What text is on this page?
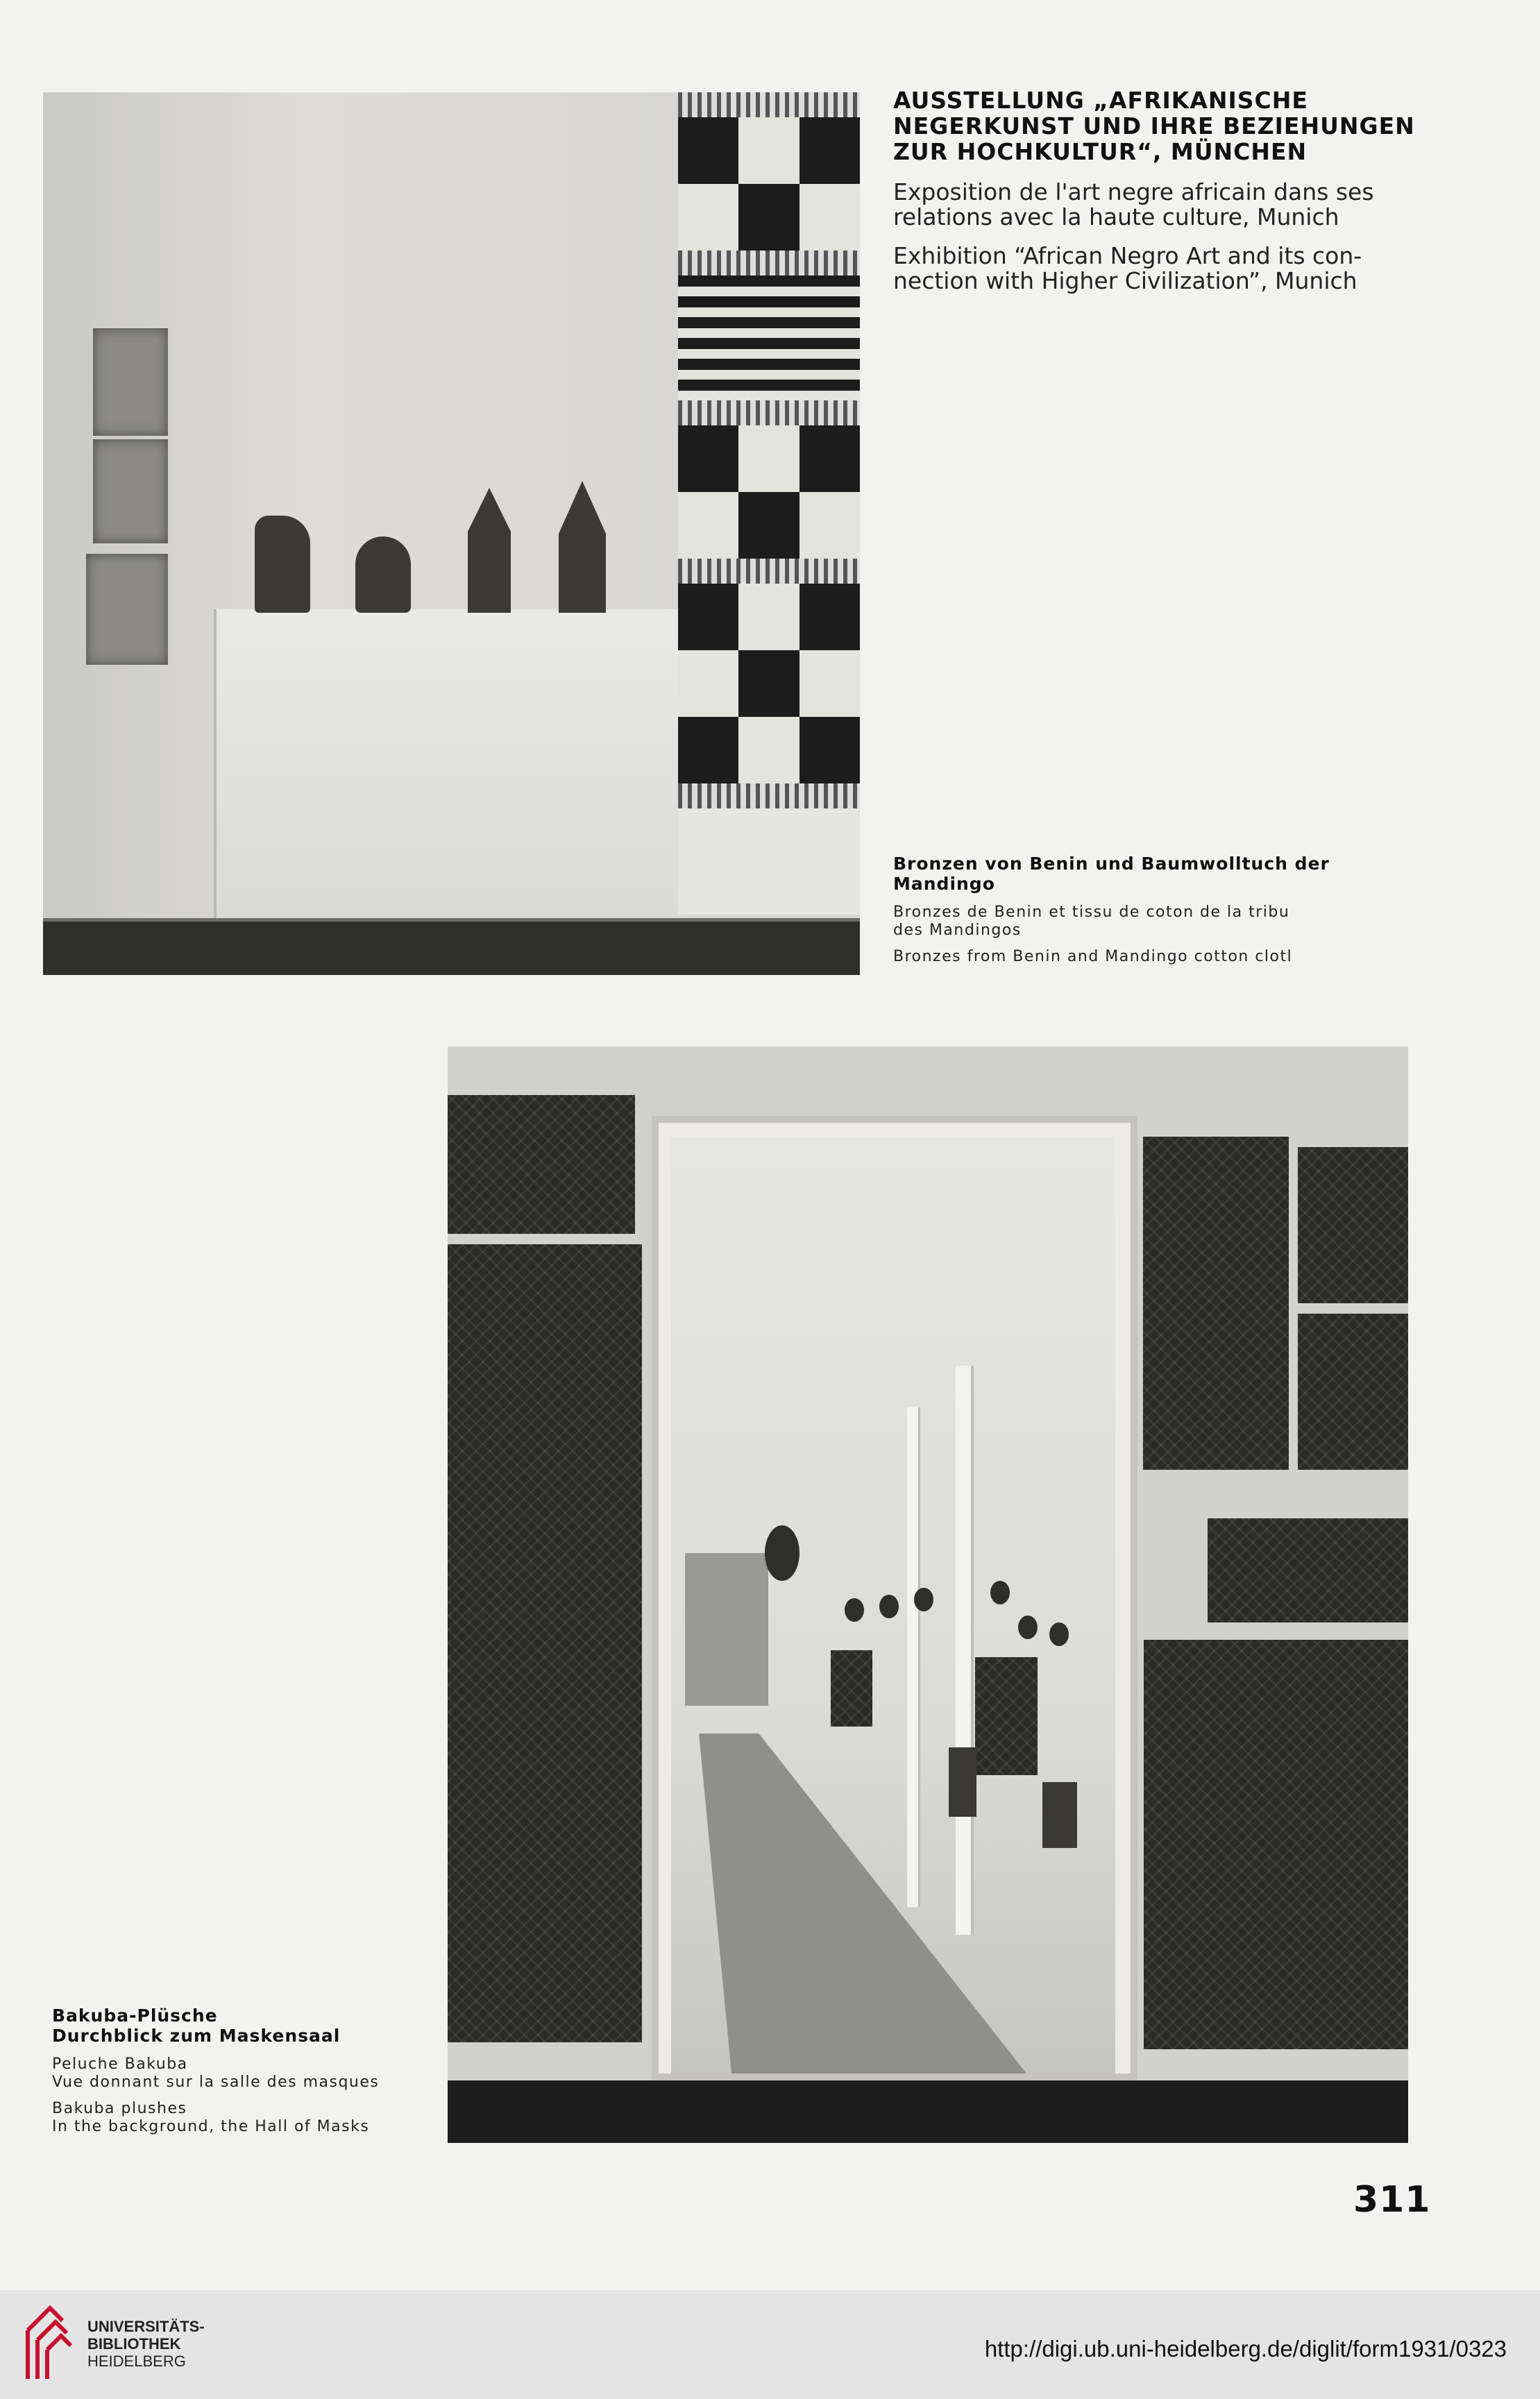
AUSSTELLUNG „AFRIKANISCHE
NEGERKUNST UND IHRE BEZIEHUNGEN
ZUR HOCHKULTUR“, MÜNCHEN
Exposition de l'art negre africain dans ses
relations avec la haute culture, Munich
Exhibition “African Negro Art and its con-
nection with Higher Civilization”, Munich
Bronzen von Benin und Baumwolltuch der
Mandingo
Bronzes de Benin et tissu de coton de la tribu
des Mandingos
Bronzes from Benin and Mandingo cotton clotl
Bakuba-Plüsche
Durchblick zum Maskensaal
Peluche Bakuba
Vue donnant sur la salle des masques
Bakuba plushes
In the background, the Hall of Masks
311
UNIVERSITÄTS-
BIBLIOTHEK
HEIDELBERG	http://digi.ub.uni-heidelberg.de/diglit/form1931/0323
